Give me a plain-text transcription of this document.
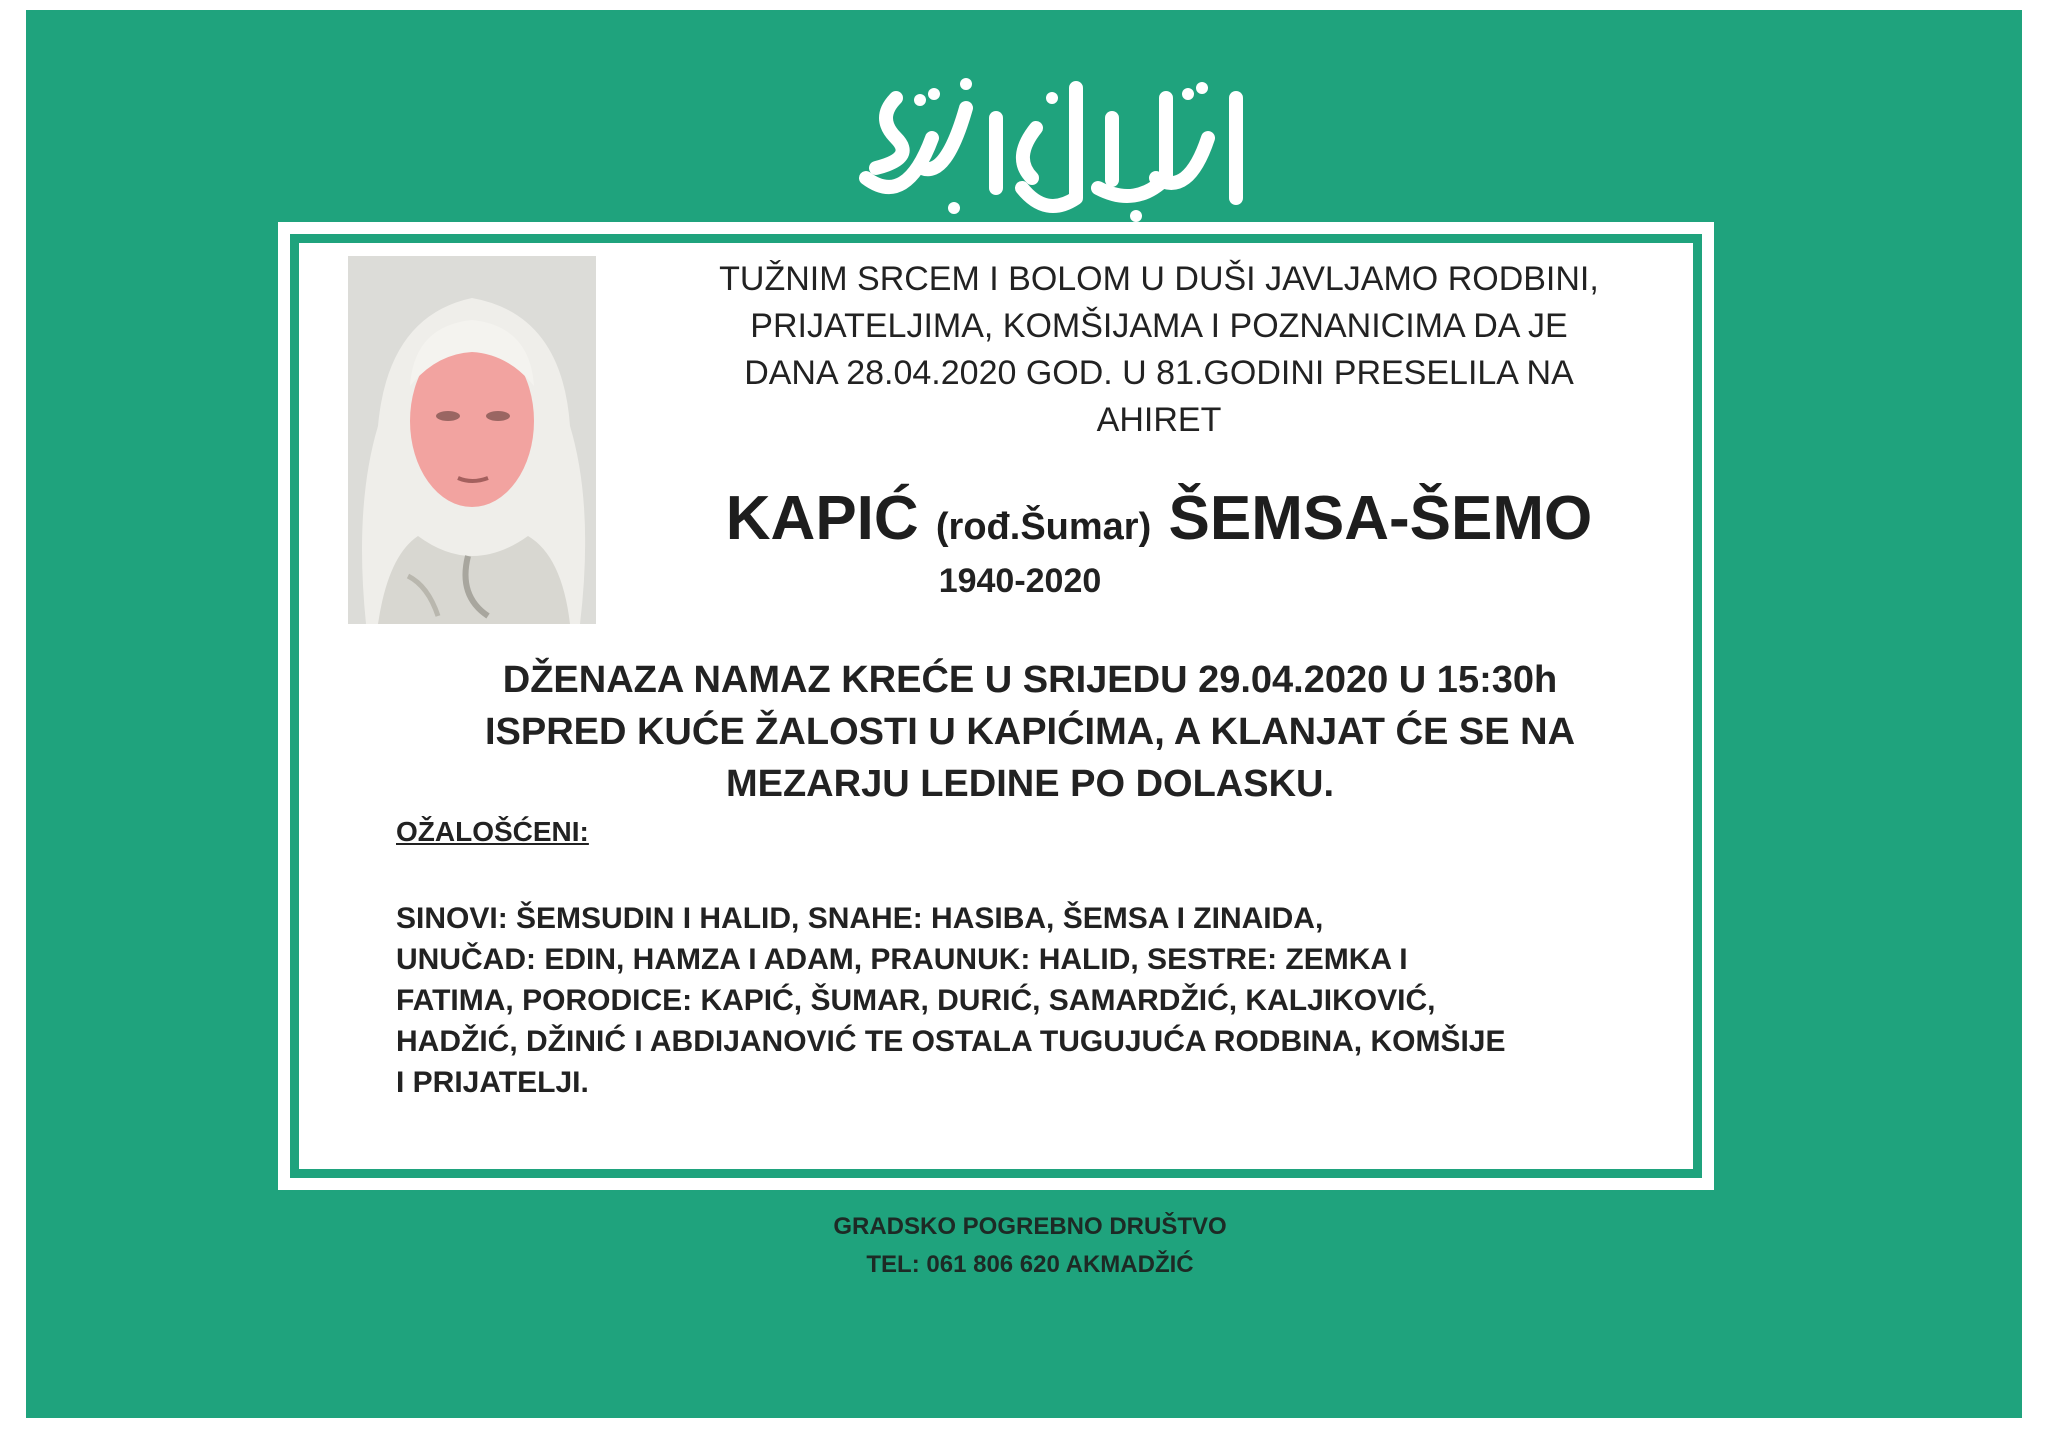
TUŽNIM SRCEM I BOLOM U DUŠI JAVLJAMO RODBINI,
PRIJATELJIMA, KOMŠIJAMA I POZNANICIMA DA JE
DANA 28.04.2020 GOD. U 81.GODINI PRESELILA NA
AHIRET
KAPIĆ (rođ.Šumar) ŠEMSA-ŠEMO
1940-2020
DŽENAZA NAMAZ KREĆE U SRIJEDU 29.04.2020 U 15:30h
ISPRED KUĆE ŽALOSTI U KAPIĆIMA, A KLANJAT ĆE SE NA
MEZARJU LEDINE PO DOLASKU.
OŽALOŠĆENI:
SINOVI: ŠEMSUDIN I HALID, SNAHE: HASIBA, ŠEMSA I ZINAIDA,
UNUČAD: EDIN, HAMZA I ADAM, PRAUNUK: HALID, SESTRE: ZEMKA I
FATIMA, PORODICE: KAPIĆ, ŠUMAR, DURIĆ, SAMARDŽIĆ, KALJIKOVIĆ,
HADŽIĆ, DŽINIĆ I ABDIJANOVIĆ TE OSTALA TUGUJUĆA RODBINA, KOMŠIJE
I PRIJATELJI.
GRADSKO POGREBNO DRUŠTVO
TEL: 061 806 620 AKMADŽIĆ
